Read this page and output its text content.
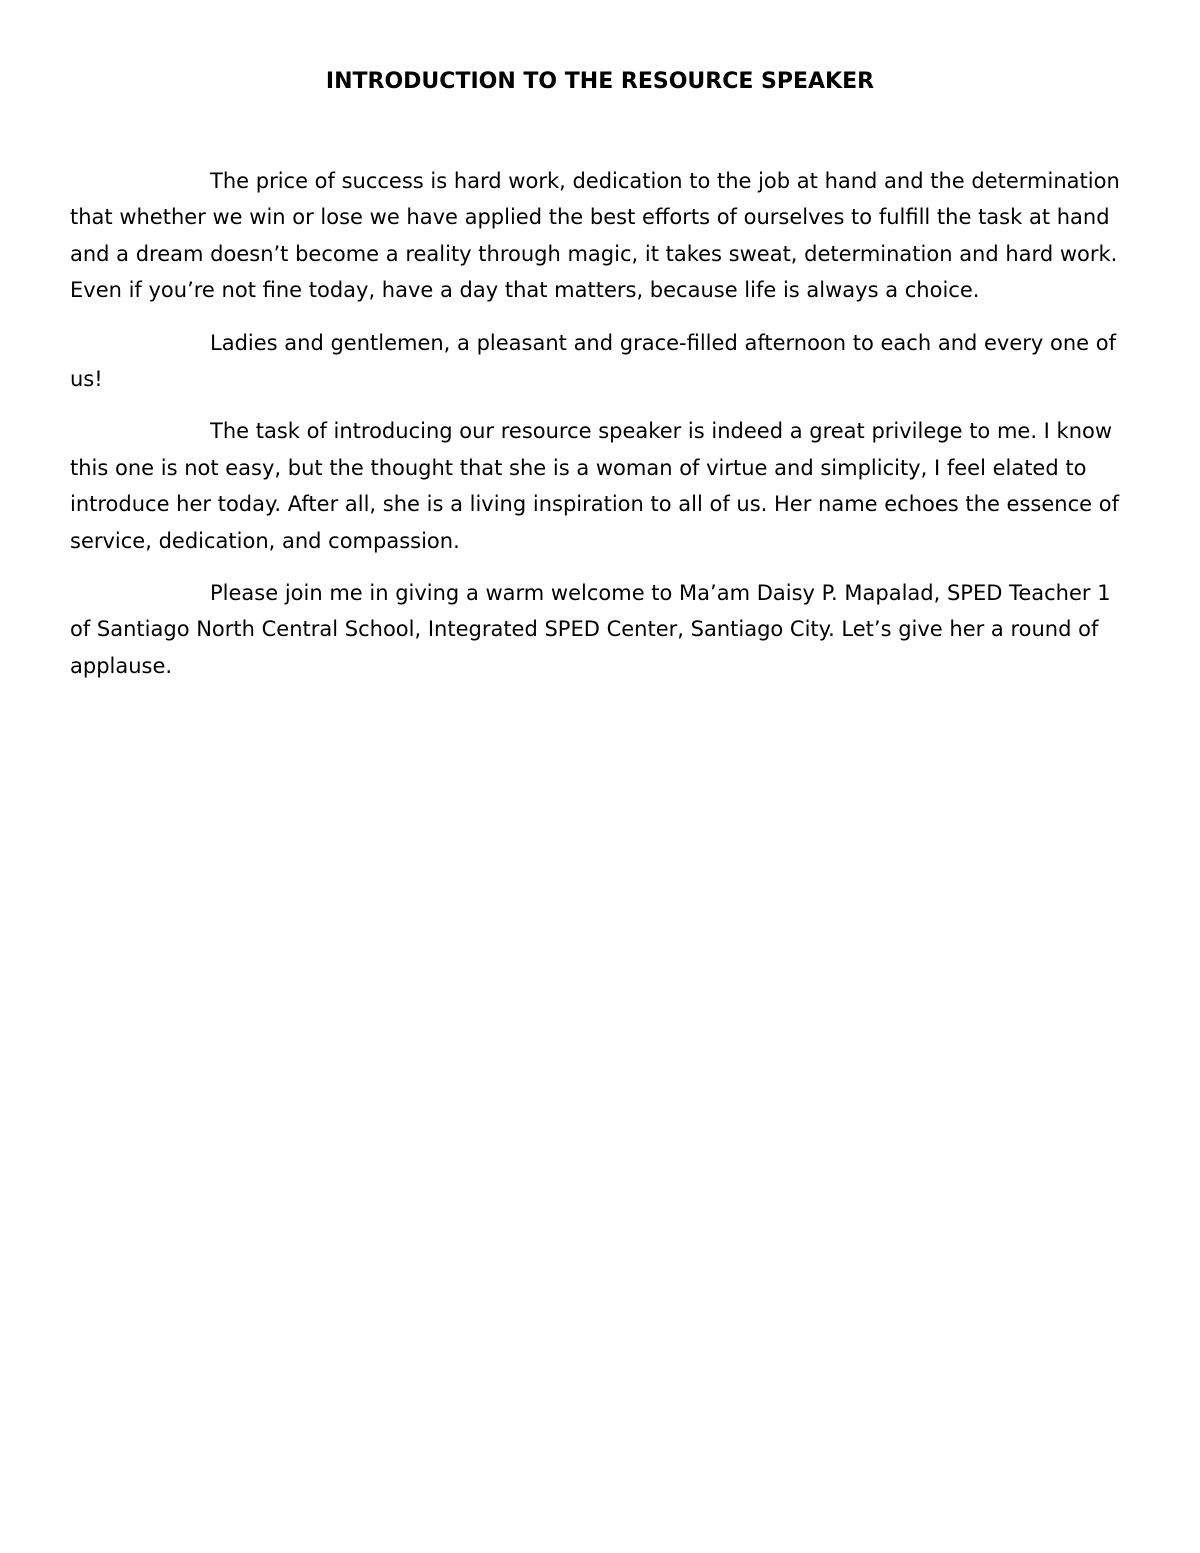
INTRODUCTION TO THE RESOURCE SPEAKER

The price of success is hard work, dedication to the job at hand and the determination that whether we win or lose we have applied the best efforts of ourselves to fulfill the task at hand and a dream doesn’t become a reality through magic, it takes sweat, determination and hard work. Even if you’re not fine today, have a day that matters, because life is always a choice.

Ladies and gentlemen, a pleasant and grace-filled afternoon to each and every one of us!

The task of introducing our resource speaker is indeed a great privilege to me. I know this one is not easy, but the thought that she is a woman of virtue and simplicity, I feel elated to introduce her today. After all, she is a living inspiration to all of us. Her name echoes the essence of service, dedication, and compassion.

Please join me in giving a warm welcome to Ma’am Daisy P. Mapalad, SPED Teacher 1 of Santiago North Central School, Integrated SPED Center, Santiago City. Let’s give her a round of applause.
